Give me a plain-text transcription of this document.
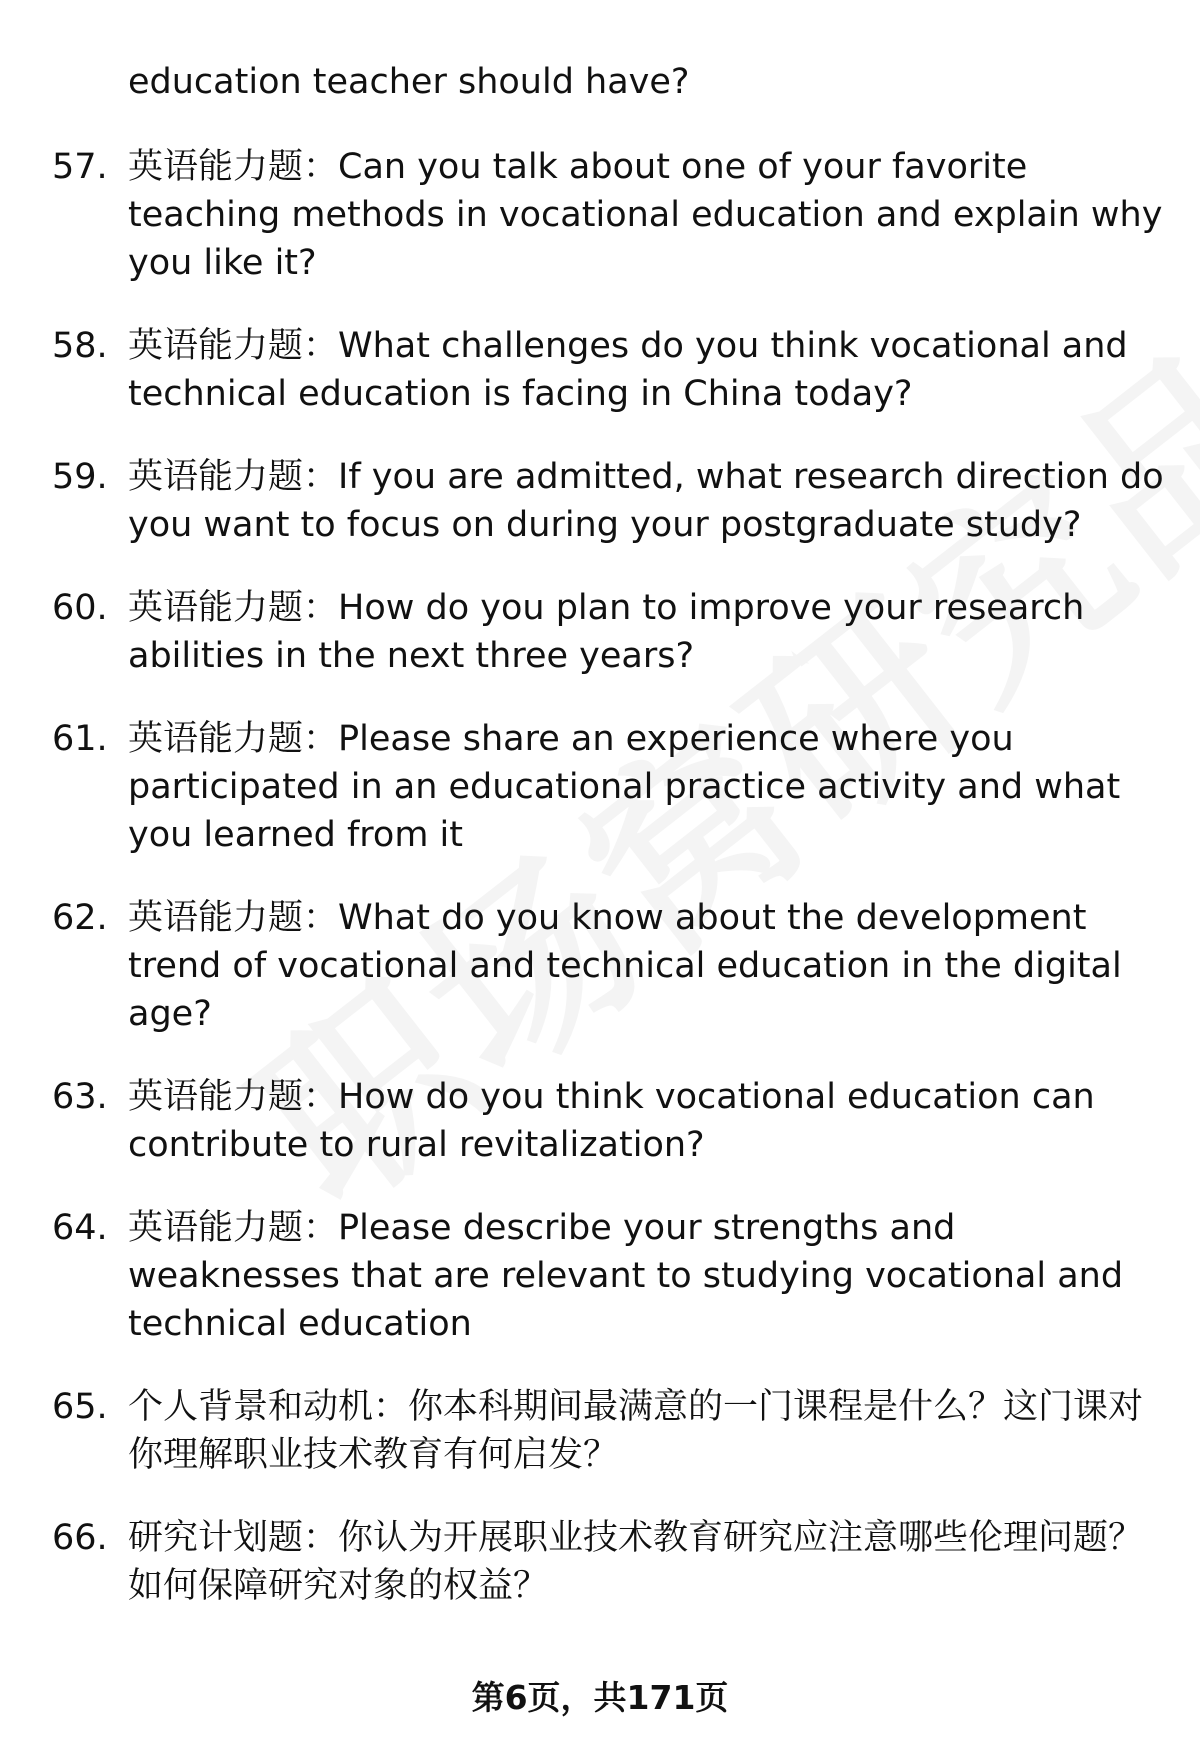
education teacher should have?
57. 英语能力题：Can you talk about one of your favorite teaching methods in vocational education and explain why you like it?
58. 英语能力题：What challenges do you think vocational and technical education is facing in China today?
59. 英语能力题：If you are admitted, what research direction do you want to focus on during your postgraduate study?
60. 英语能力题：How do you plan to improve your research abilities in the next three years?
61. 英语能力题：Please share an experience where you participated in an educational practice activity and what you learned from it
62. 英语能力题：What do you know about the development trend of vocational and technical education in the digital age?
63. 英语能力题：How do you think vocational education can contribute to rural revitalization?
64. 英语能力题：Please describe your strengths and weaknesses that are relevant to studying vocational and technical education
65. 个人背景和动机：你本科期间最满意的一门课程是什么？这门课对你理解职业技术教育有何启发？
66. 研究计划题：你认为开展职业技术教育研究应注意哪些伦理问题？如何保障研究对象的权益？
第6页，共171页
